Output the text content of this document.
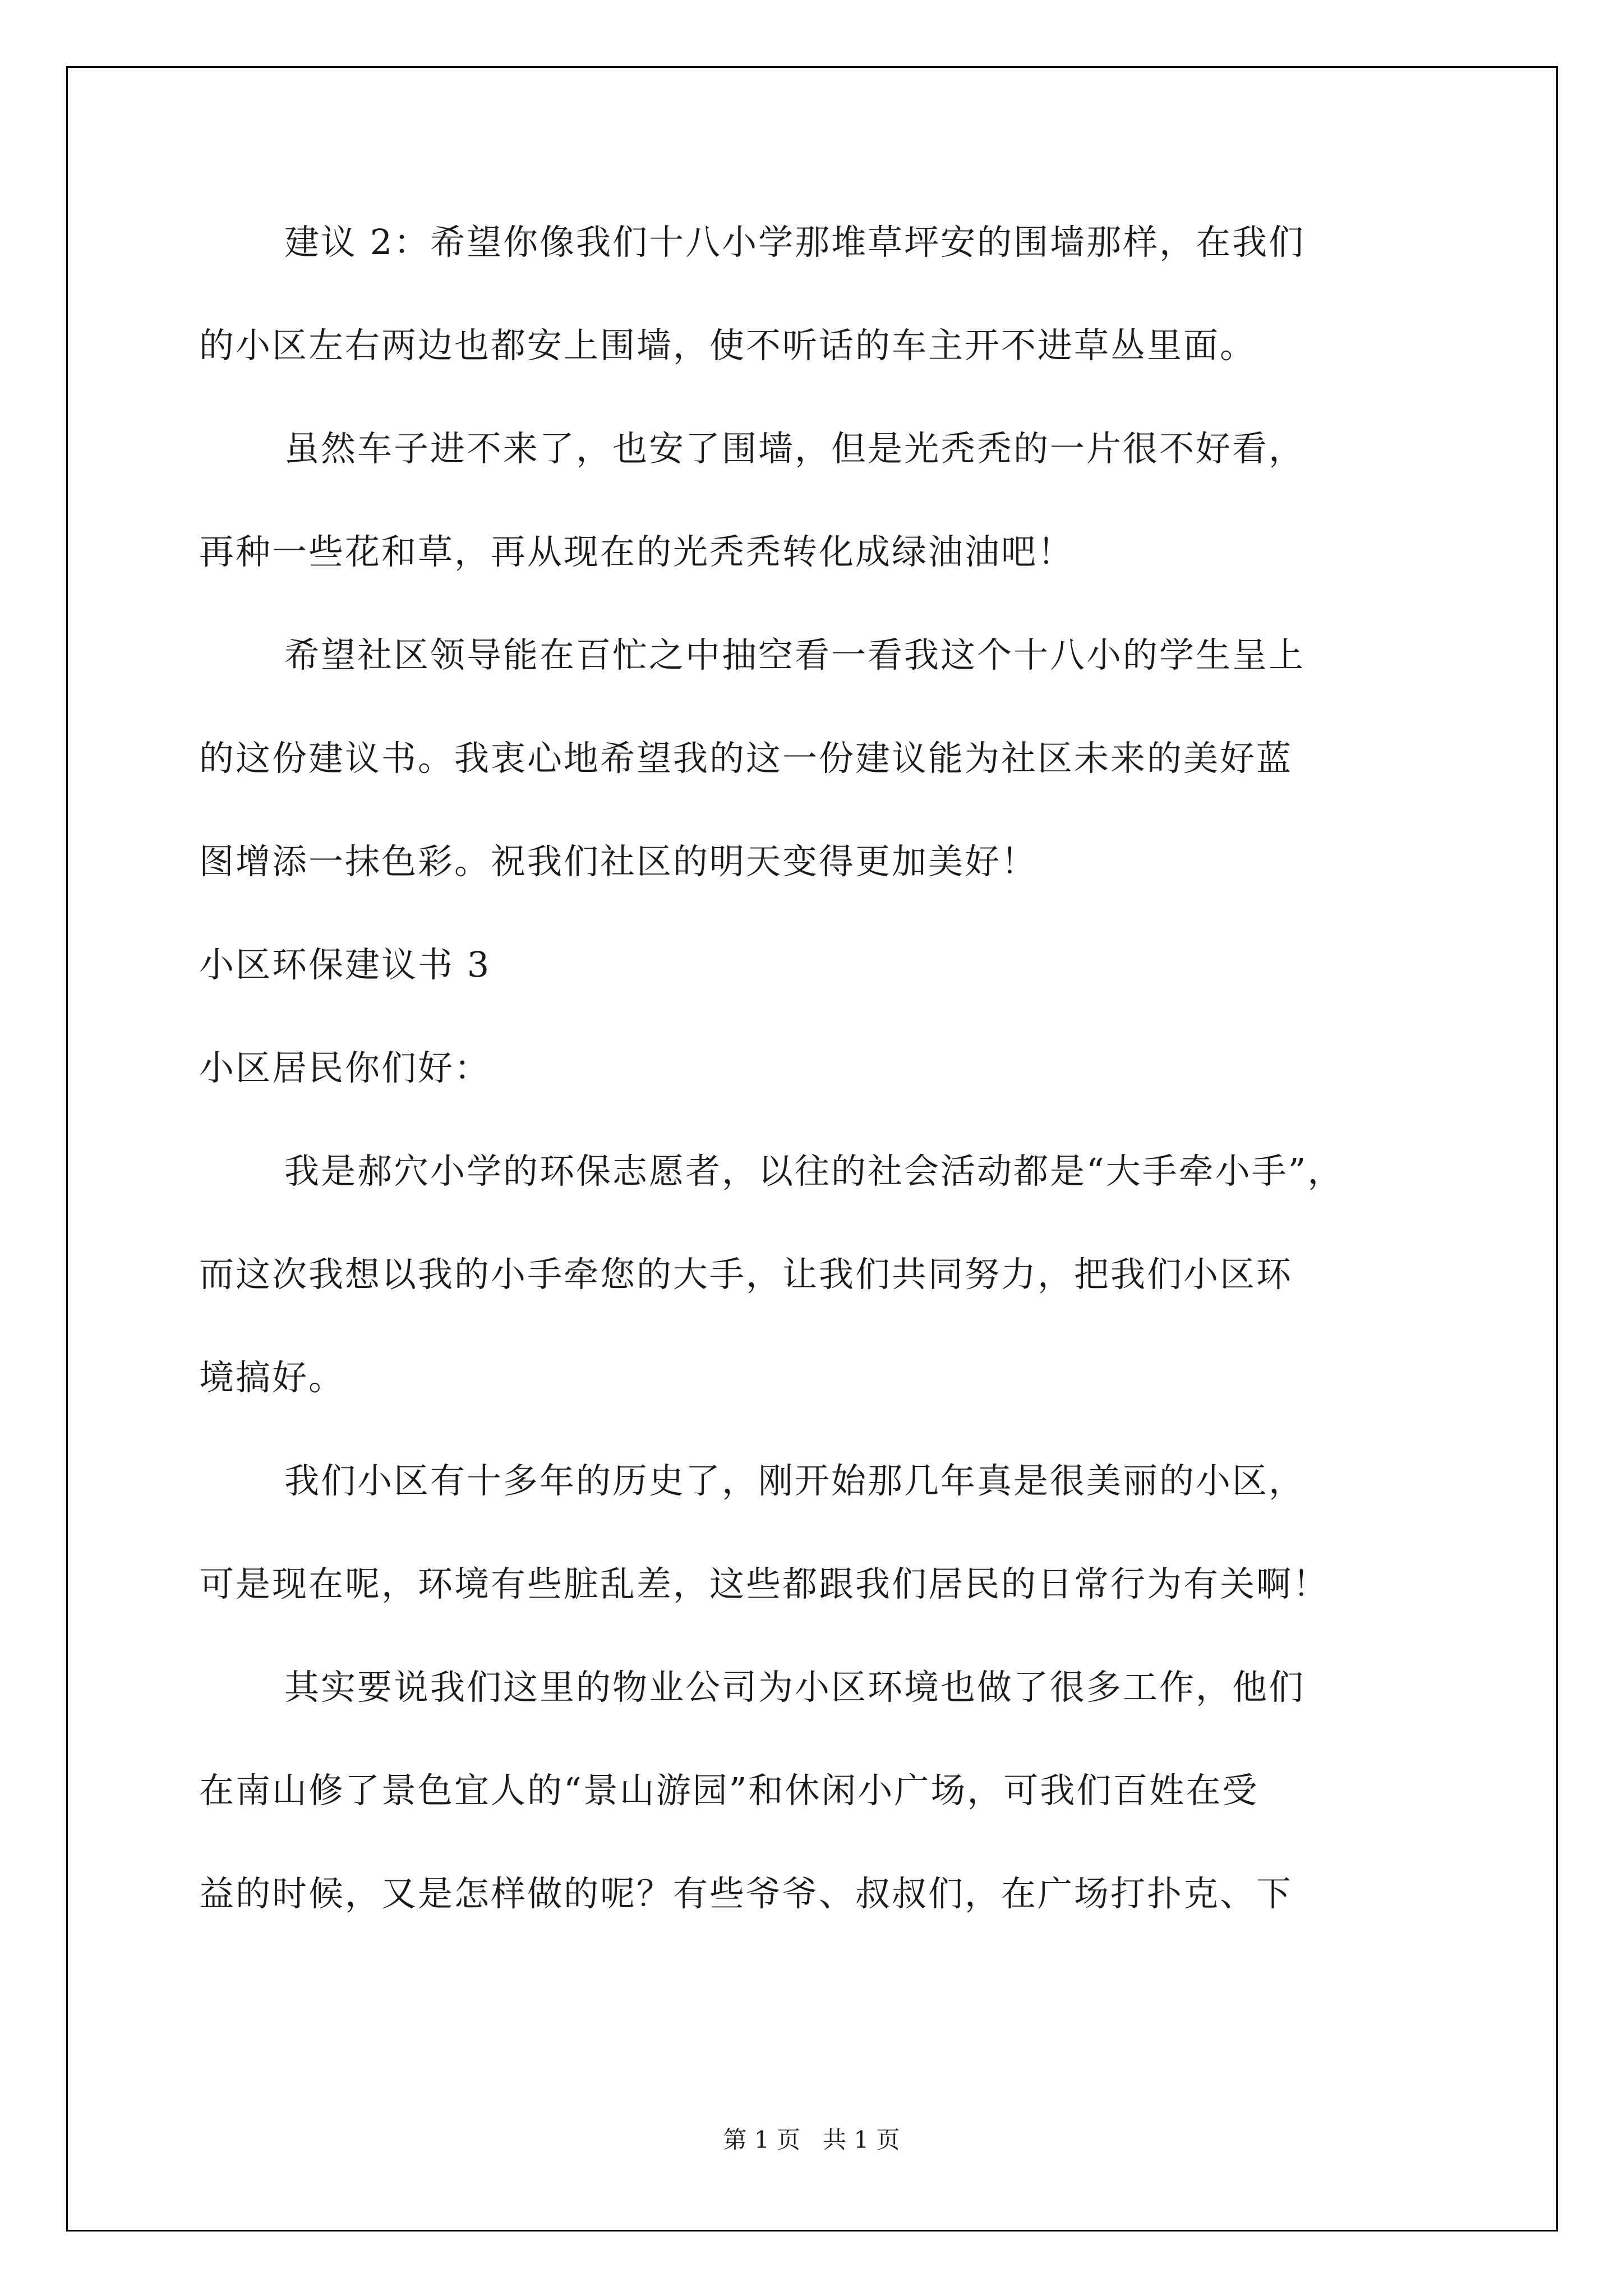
建议 2：希望你像我们十八小学那堆草坪安的围墙那样，在我们
的小区左右两边也都安上围墙，使不听话的车主开不进草丛里面。
虽然车子进不来了，也安了围墙，但是光秃秃的一片很不好看，
再种一些花和草，再从现在的光秃秃转化成绿油油吧！
希望社区领导能在百忙之中抽空看一看我这个十八小的学生呈上
的这份建议书。我衷心地希望我的这一份建议能为社区未来的美好蓝
图增添一抹色彩。祝我们社区的明天变得更加美好！
小区环保建议书 3
小区居民你们好：
我是郝穴小学的环保志愿者，以往的社会活动都是“大手牵小手”，
而这次我想以我的小手牵您的大手，让我们共同努力，把我们小区环
境搞好。
我们小区有十多年的历史了，刚开始那几年真是很美丽的小区，
可是现在呢，环境有些脏乱差，这些都跟我们居民的日常行为有关啊！
其实要说我们这里的物业公司为小区环境也做了很多工作，他们
在南山修了景色宜人的“景山游园”和休闲小广场，可我们百姓在受
益的时候，又是怎样做的呢？有些爷爷、叔叔们，在广场打扑克、下
第 1 页   共 1 页
